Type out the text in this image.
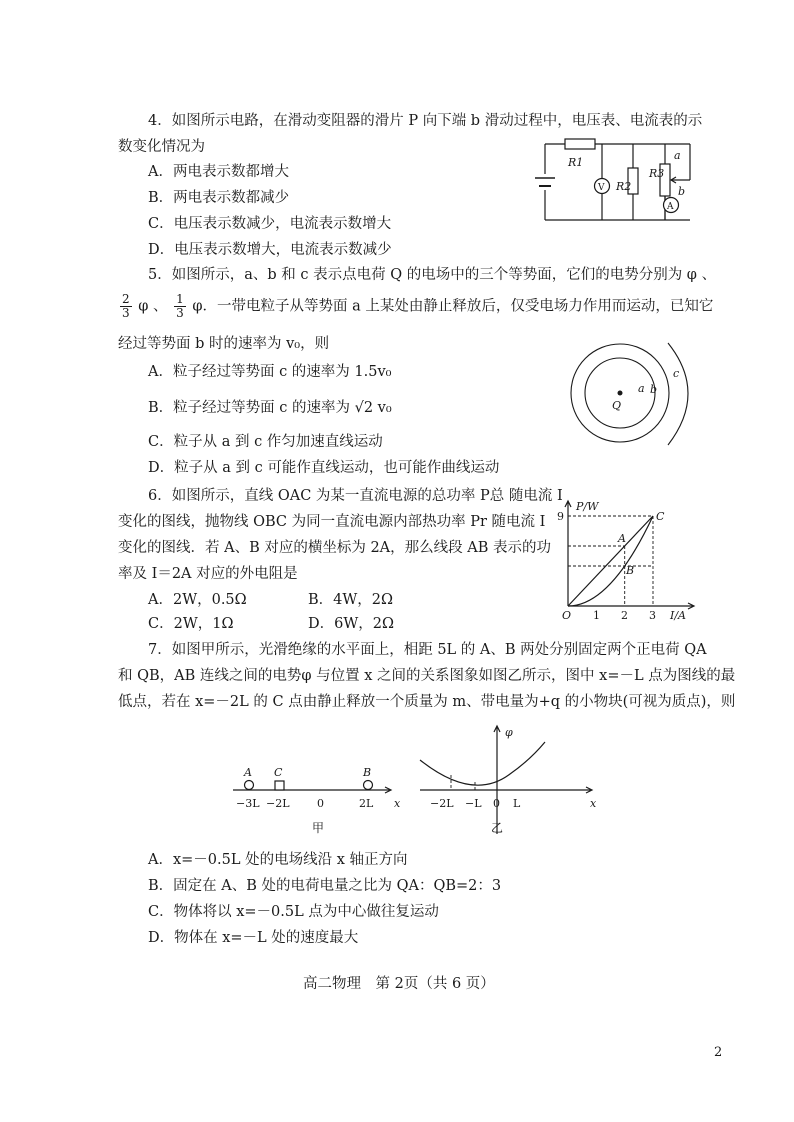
4．如图所示电路，在滑动变阻器的滑片 P 向下端 b 滑动过程中，电压表、电流表的示
数变化情况为
A．两电表示数都增大
B．两电表示数都减少
C．电压表示数减少，电流表示数增大
D．电压表示数增大，电流表示数减少
R1
R2
R3
a
b
V
A
5．如图所示，a、b 和 c 表示点电荷 Q 的电场中的三个等势面，它们的电势分别为 φ 、
$\frac{2}{3}$ φ 、 $\frac{1}{3}$ φ．一带电粒子从等势面 a 上某处由静止释放后，仅受电场力作用而运动，已知它
经过等势面 b 时的速率为 v₀，则
A．粒子经过等势面 c 的速率为 1.5v₀
B．粒子经过等势面 c 的速率为 √2 v₀
C．粒子从 a 到 c 作匀加速直线运动
D．粒子从 a 到 c 可能作直线运动，也可能作曲线运动
Q
a b
c
6．如图所示，直线 OAC 为某一直流电源的总功率 P总 随电流 I
变化的图线，抛物线 OBC 为同一直流电源内部热功率 Pr 随电流 I
变化的图线．若 A、B 对应的横坐标为 2A，那么线段 AB 表示的功
率及 I＝2A 对应的外电阻是
A．2W，0.5Ω	B．4W，2Ω
C．2W，1Ω	D．6W，2Ω
P/W
I/A
9
O 1 2 3
A
B
C
7．如图甲所示，光滑绝缘的水平面上，相距 5L 的 A、B 两处分别固定两个正电荷 QA
和 QB，AB 连线之间的电势φ 与位置 x 之间的关系图象如图乙所示，图中 x=－L 点为图线的最
低点，若在 x=－2L 的 C 点由静止释放一个质量为 m、带电量为+q 的小物块(可视为质点)，则
A C	B
−3L −2L 0	2L x
甲
φ
−2L −L 0 L	x
乙
A．x=－0.5L 处的电场线沿 x 轴正方向
B．固定在 A、B 处的电荷电量之比为 QA：QB=2：3
C．物体将以 x=－0.5L 点为中心做往复运动
D．物体在 x=－L 处的速度最大
高二物理　第 2页（共 6 页）
2
